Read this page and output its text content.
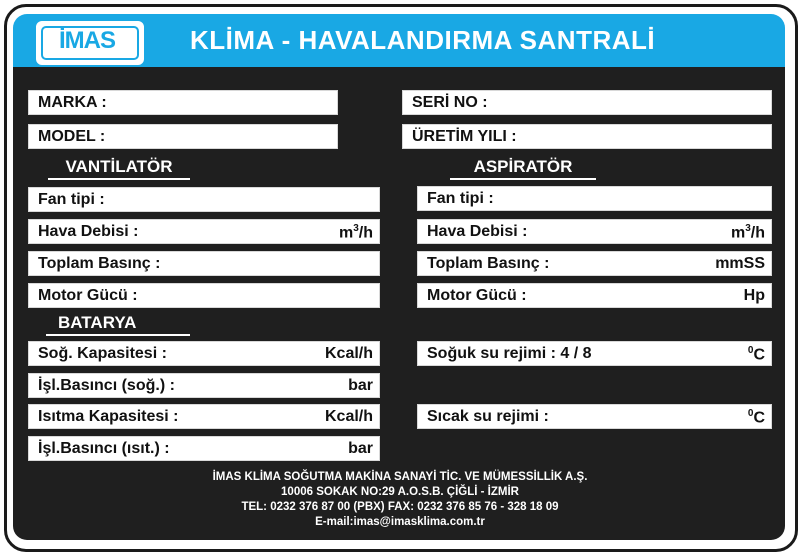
İMAS	KLİMA - HAVALANDIRMA SANTRALİ
MARKA :
MODEL :
SERİ NO :
ÜRETİM YILI :
VANTİLATÖR
Fan tipi :
Hava Debisi :	$m^3/h$
Toplam Basınç :
Motor Gücü :
ASPİRATÖR
Fan tipi :
Hava Debisi :	$m^3/h$
Toplam Basınç :	mmSS
Motor Gücü :	Hp
BATARYA
Soğ. Kapasitesi :	Kcal/h
İşl.Basıncı (soğ.) :	bar
Isıtma Kapasitesi :	Kcal/h
İşl.Basıncı (ısıt.) :	bar
Soğuk su rejimi : 4 / 8	$^0$C
Sıcak su rejimi :	$^0$C
İMAS KLİMA SOĞUTMA MAKİNA SANAYİ TİC. VE MÜMESSİLLİK A.Ş.
10006 SOKAK NO:29 A.O.S.B. ÇİĞLİ - İZMİR
TEL: 0232 376 87 00 (PBX) FAX: 0232 376 85 76 - 328 18 09
E-mail:imas@imasklima.com.tr
